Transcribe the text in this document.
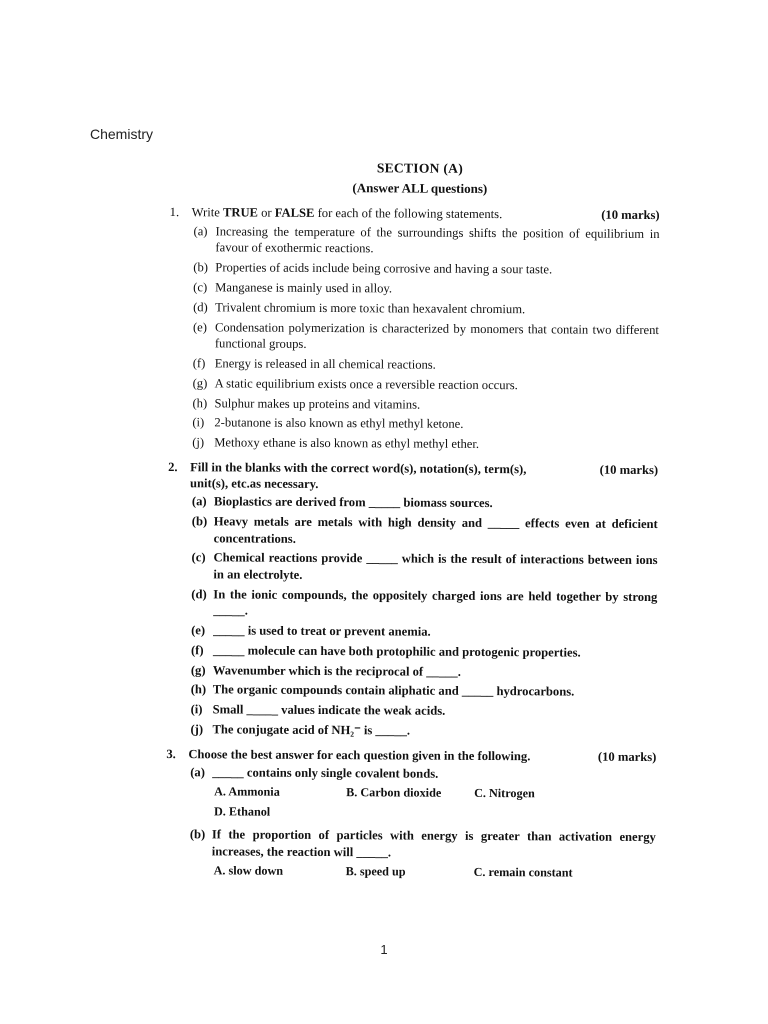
Chemistry
SECTION (A)
(Answer ALL questions)
1. Write TRUE or FALSE for each of the following statements.	(10 marks)
(a) Increasing the temperature of the surroundings shifts the position of equilibrium in favour of exothermic reactions.
(b) Properties of acids include being corrosive and having a sour taste.
(c) Manganese is mainly used in alloy.
(d) Trivalent chromium is more toxic than hexavalent chromium.
(e) Condensation polymerization is characterized by monomers that contain two different functional groups.
(f) Energy is released in all chemical reactions.
(g) A static equilibrium exists once a reversible reaction occurs.
(h) Sulphur makes up proteins and vitamins.
(i) 2-butanone is also known as ethyl methyl ketone.
(j) Methoxy ethane is also known as ethyl methyl ether.
2. Fill in the blanks with the correct word(s), notation(s), term(s),	(10 marks)
unit(s), etc.as necessary.
(a) Bioplastics are derived from _____ biomass sources.
(b) Heavy metals are metals with high density and _____ effects even at deficient concentrations.
(c) Chemical reactions provide _____ which is the result of interactions between ions in an electrolyte.
(d) In the ionic compounds, the oppositely charged ions are held together by strong _____.
(e) _____ is used to treat or prevent anemia.
(f) _____ molecule can have both protophilic and protogenic properties.
(g) Wavenumber which is the reciprocal of _____.
(h) The organic compounds contain aliphatic and _____ hydrocarbons.
(i) Small _____ values indicate the weak acids.
(j) The conjugate acid of NH₂⁻ is _____.
3. Choose the best answer for each question given in the following.	(10 marks)
(a) _____ contains only single covalent bonds.
A. Ammonia	B. Carbon dioxide	C. Nitrogen
D. Ethanol
(b) If the proportion of particles with energy is greater than activation energy increases, the reaction will _____.
A. slow down	B. speed up	C. remain constant
1
